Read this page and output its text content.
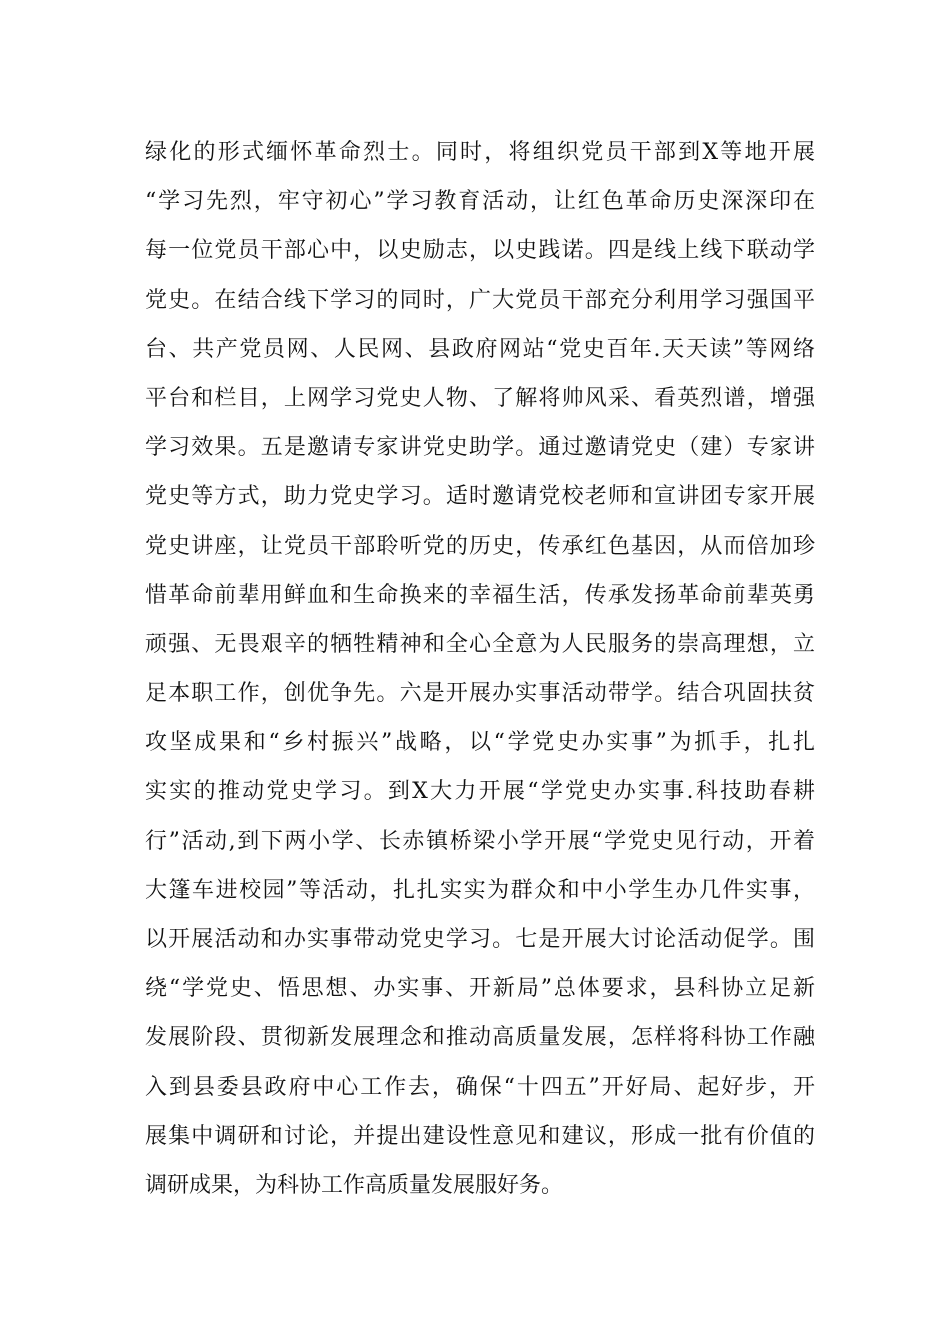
绿化的形式缅怀革命烈士。同时，将组织党员干部到X等地开展
“学习先烈，牢守初心”学习教育活动，让红色革命历史深深印在
每一位党员干部心中，以史励志，以史践诺。四是线上线下联动学
党史。在结合线下学习的同时，广大党员干部充分利用学习强国平
台、共产党员网、人民网、县政府网站“党史百年.天天读”等网络
平台和栏目，上网学习党史人物、了解将帅风采、看英烈谱，增强
学习效果。五是邀请专家讲党史助学。通过邀请党史（建）专家讲
党史等方式，助力党史学习。适时邀请党校老师和宣讲团专家开展
党史讲座，让党员干部聆听党的历史，传承红色基因，从而倍加珍
惜革命前辈用鲜血和生命换来的幸福生活，传承发扬革命前辈英勇
顽强、无畏艰辛的牺牲精神和全心全意为人民服务的崇高理想，立
足本职工作，创优争先。六是开展办实事活动带学。结合巩固扶贫
攻坚成果和“乡村振兴”战略，以“学党史办实事”为抓手，扎扎
实实的推动党史学习。到X大力开展“学党史办实事.科技助春耕
行”活动,到下两小学、长赤镇桥梁小学开展“学党史见行动，开着
大篷车进校园”等活动，扎扎实实为群众和中小学生办几件实事，
以开展活动和办实事带动党史学习。七是开展大讨论活动促学。围
绕“学党史、悟思想、办实事、开新局”总体要求，县科协立足新
发展阶段、贯彻新发展理念和推动高质量发展，怎样将科协工作融
入到县委县政府中心工作去，确保“十四五”开好局、起好步，开
展集中调研和讨论，并提出建设性意见和建议，形成一批有价值的
调研成果，为科协工作高质量发展服好务。
